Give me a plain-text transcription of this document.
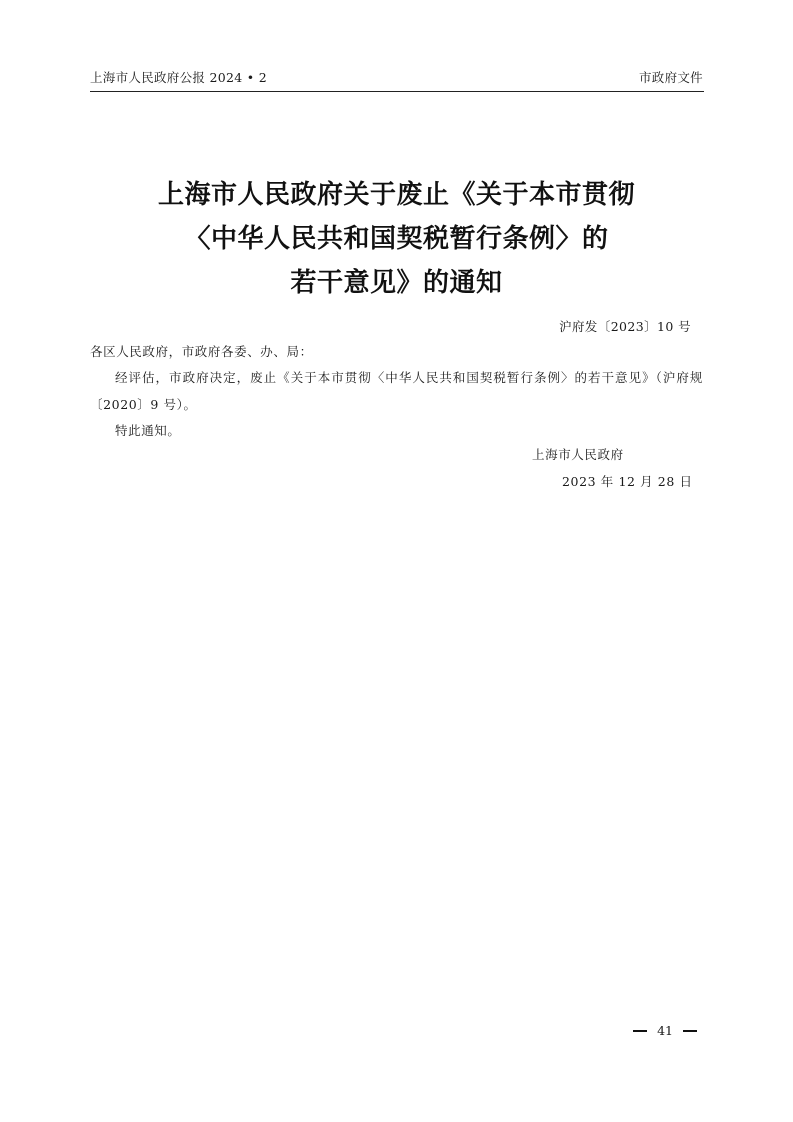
上海市人民政府公报 2024 • 2	市政府文件
上海市人民政府关于废止《关于本市贯彻
〈中华人民共和国契税暂行条例〉的
若干意见》的通知
沪府发〔2023〕10 号
各区人民政府，市政府各委、办、局：
经评估，市政府决定，废止《关于本市贯彻〈中华人民共和国契税暂行条例〉的若干意见》（沪府规〔2020〕9 号）。
特此通知。
上海市人民政府
2023 年 12 月 28 日
41
